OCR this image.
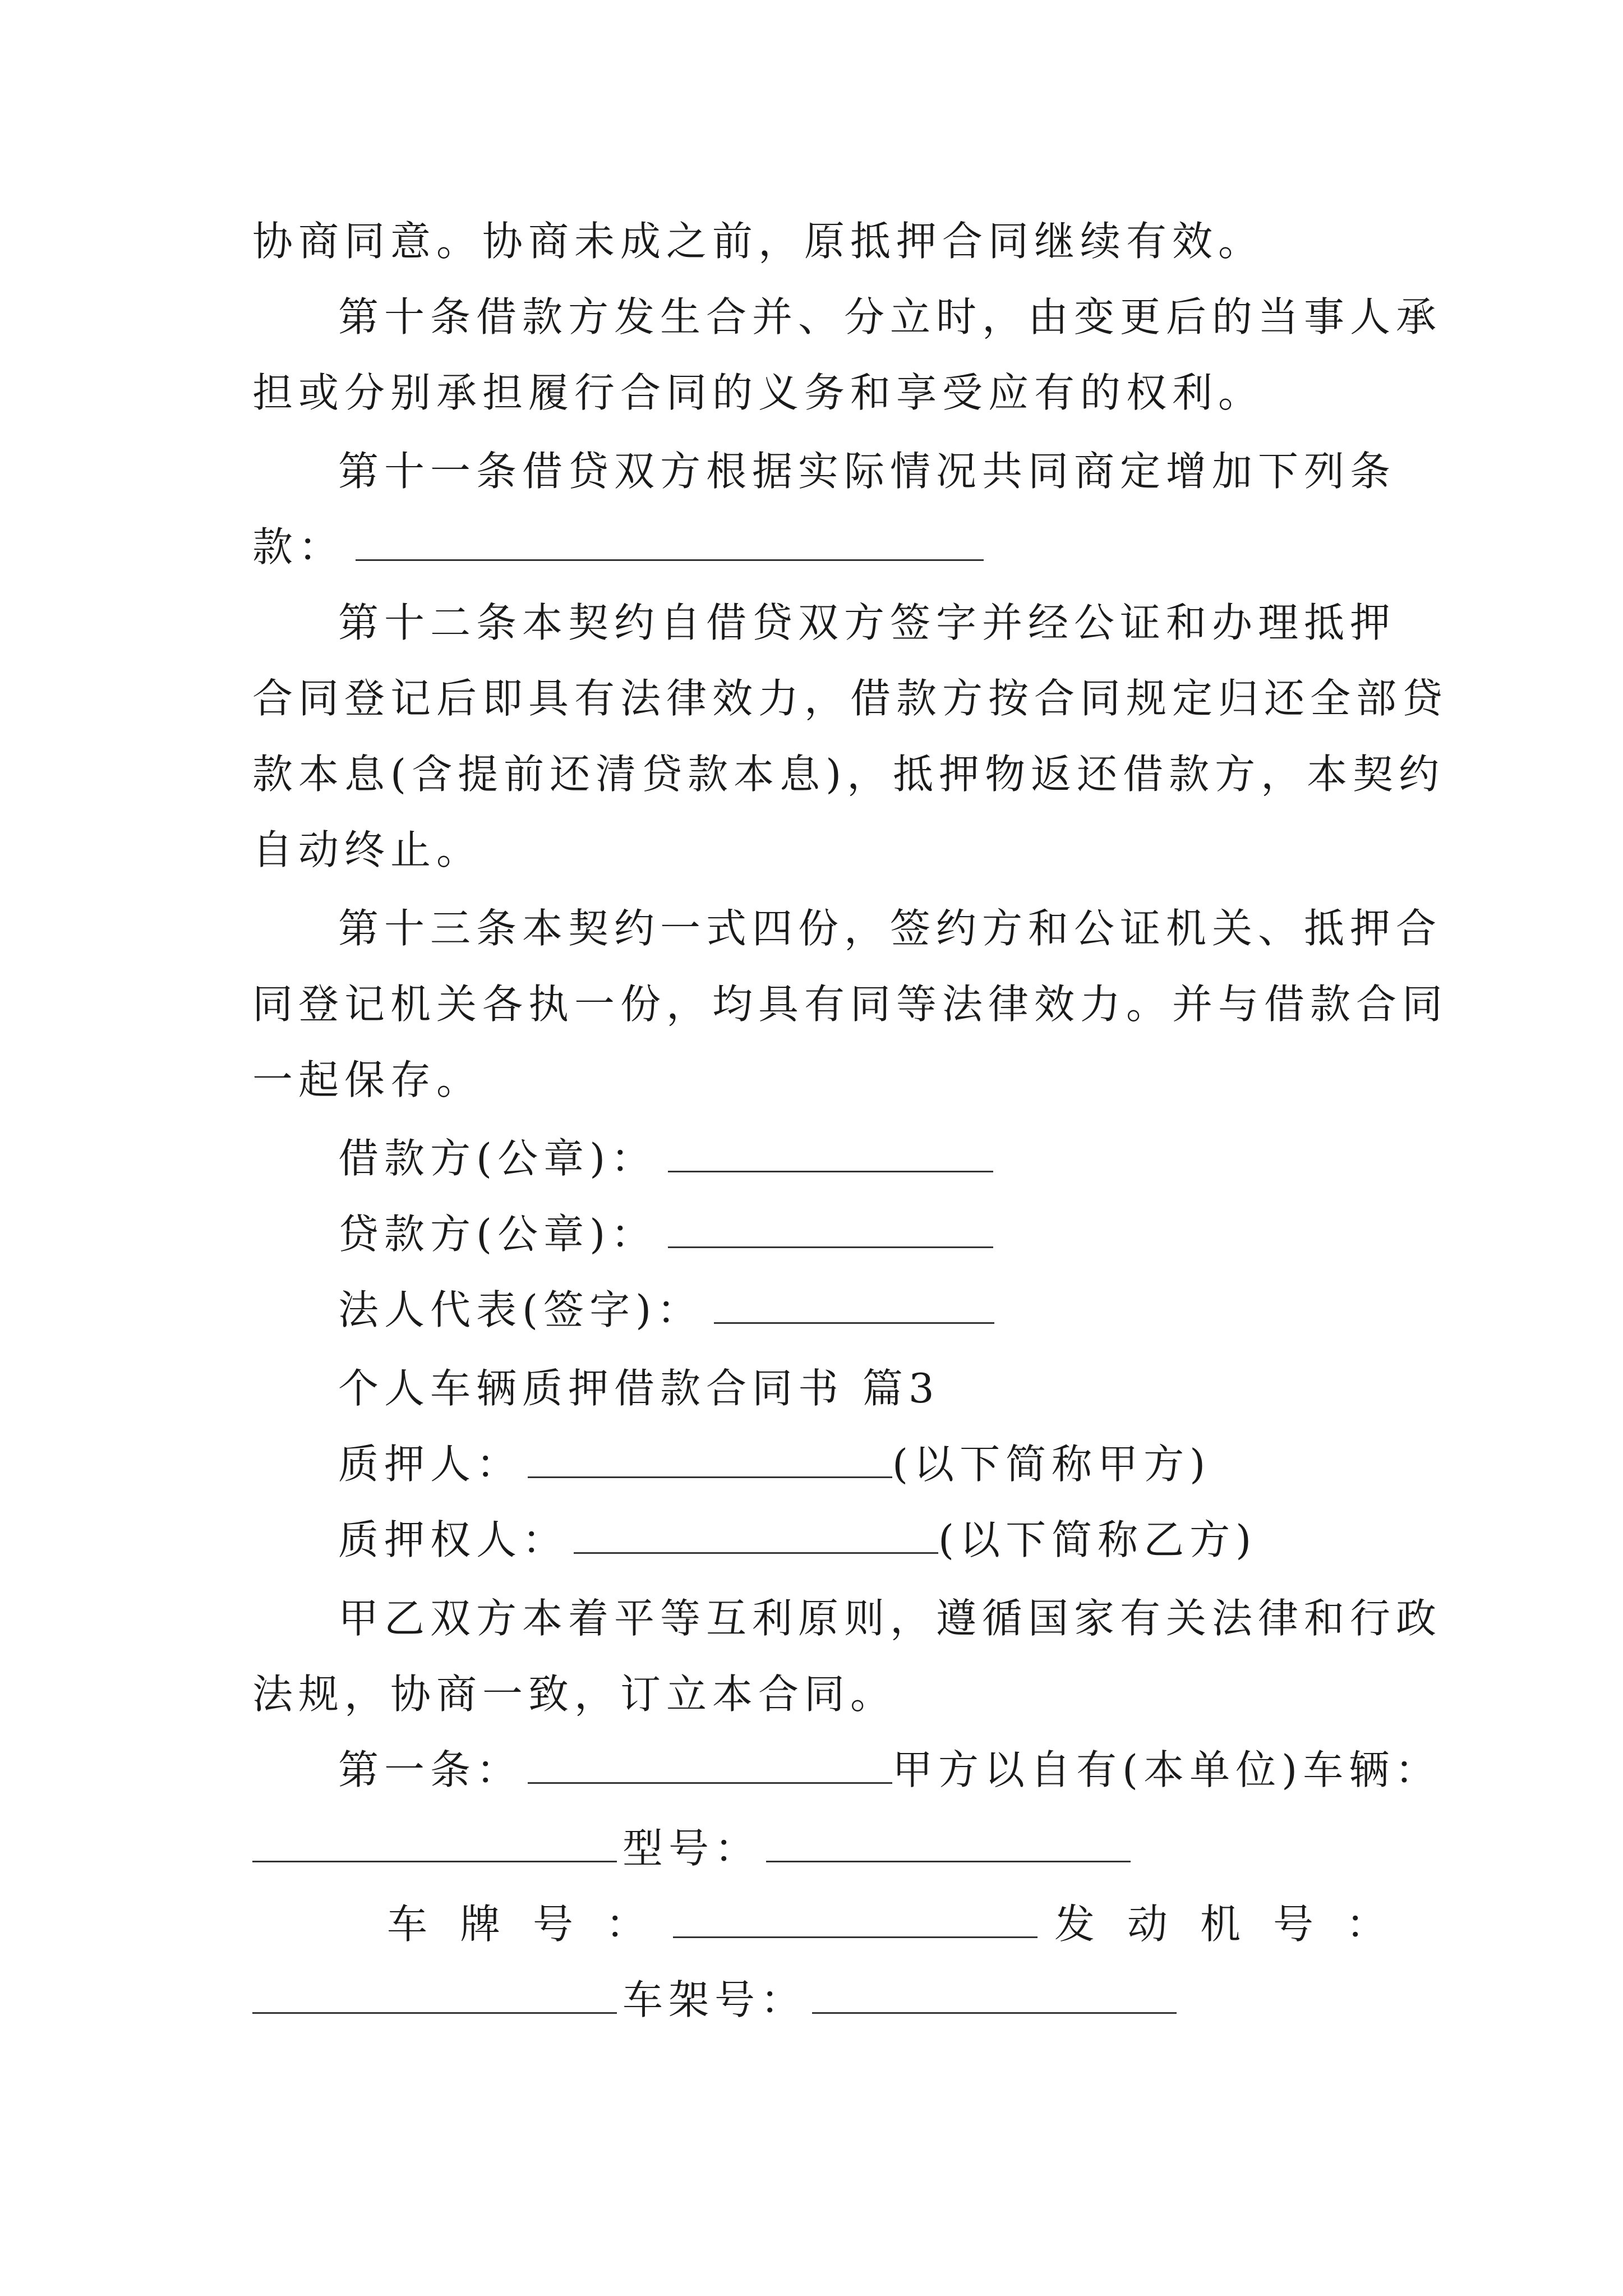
协商同意。协商未成之前，原抵押合同继续有效。
第十条借款方发生合并、分立时，由变更后的当事人承
担或分别承担履行合同的义务和享受应有的权利。
第十一条借贷双方根据实际情况共同商定增加下列条
款：
第十二条本契约自借贷双方签字并经公证和办理抵押
合同登记后即具有法律效力，借款方按合同规定归还全部贷
款本息(含提前还清贷款本息)，抵押物返还借款方，本契约
自动终止。
第十三条本契约一式四份，签约方和公证机关、抵押合
同登记机关各执一份，均具有同等法律效力。并与借款合同
一起保存。
借款方(公章)：
贷款方(公章)：
法人代表(签字)：
个人车辆质押借款合同书 篇3
质押人：	(以下简称甲方)
质押权人：	(以下简称乙方)
甲乙双方本着平等互利原则，遵循国家有关法律和行政
法规，协商一致，订立本合同。
第一条：	甲方以自有(本单位)车辆：
型号：
车牌号：	发动机号：
车架号：
